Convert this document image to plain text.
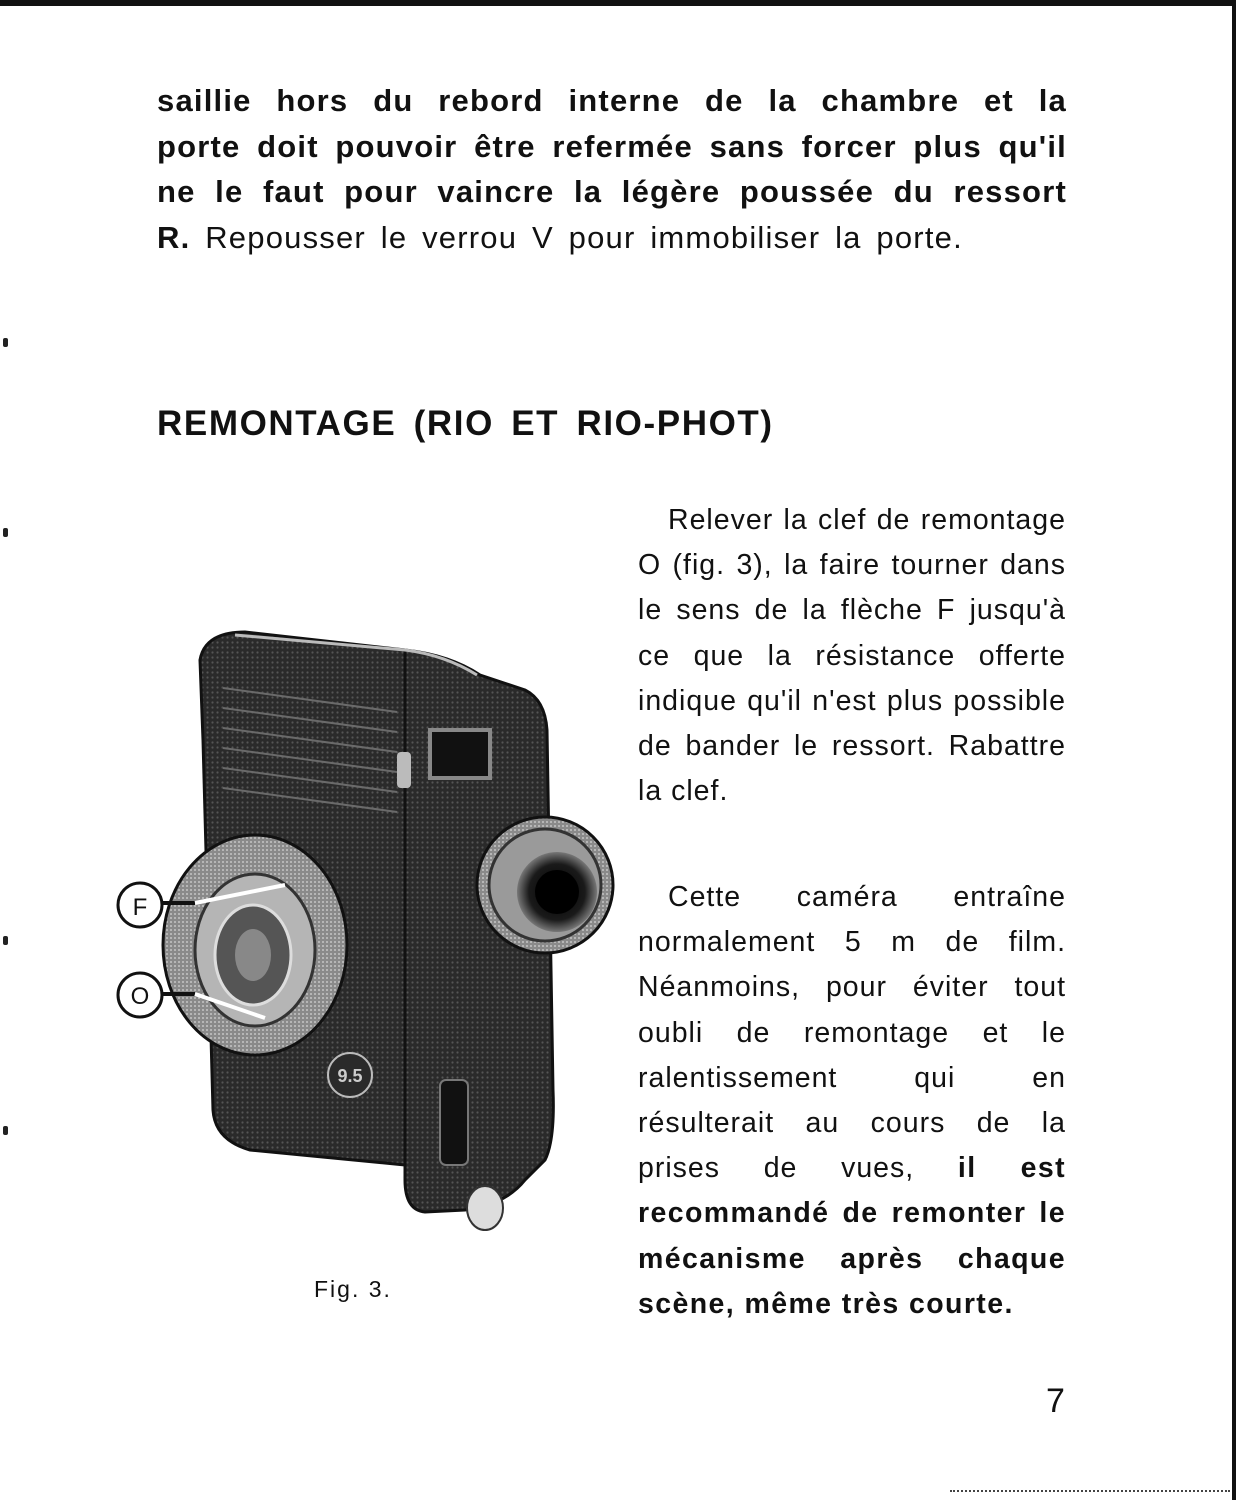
saillie hors du rebord interne de la chambre et la porte doit pouvoir être refermée sans forcer plus qu'il ne le faut pour vaincre la légère poussée du ressort R. Repousser le verrou V pour immobiliser la porte.

REMONTAGE (RIO ET RIO-PHOT)

Relever la clef de remontage O (fig. 3), la faire tourner dans le sens de la flèche F jusqu'à ce que la résistance offerte indique qu'il n'est plus possible de bander le ressort. Rabattre la clef.

Cette caméra entraîne normalement 5 m de film. Néanmoins, pour éviter tout oubli de remontage et le ralentissement qui en résulterait au cours de la prises de vues, il est recommandé de remonter le mécanisme après chaque scène, même très courte.

9.5
F
O

Fig. 3.

7
